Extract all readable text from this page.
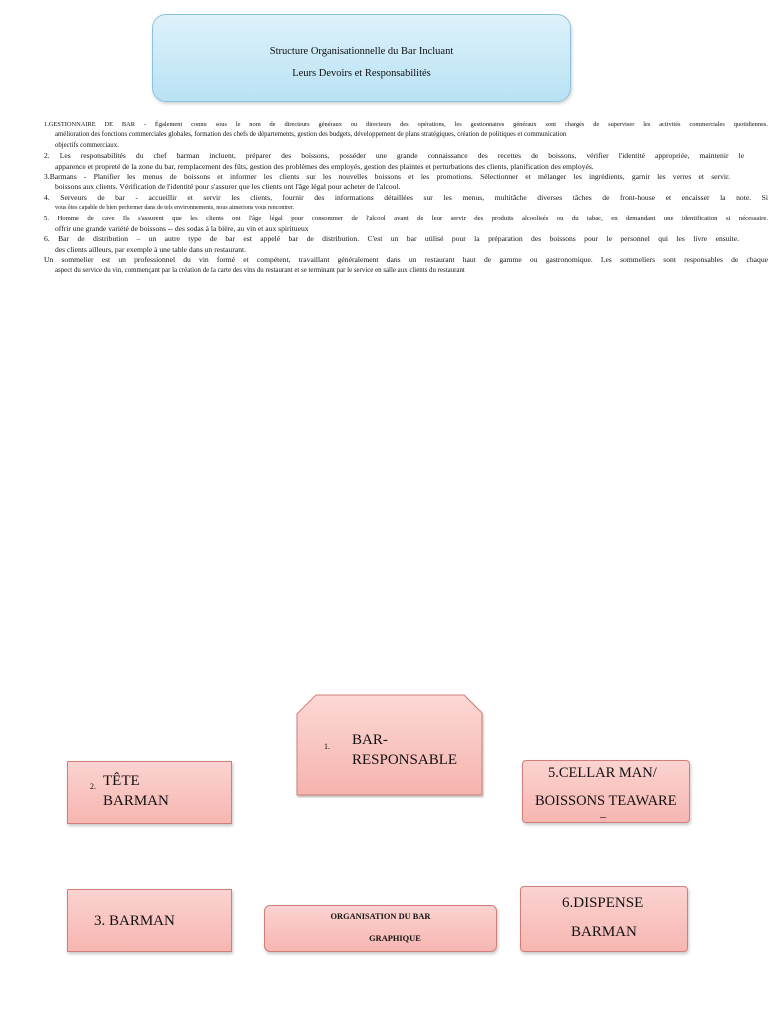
Structure Organisationnelle du Bar Incluant
Leurs Devoirs et Responsabilités
1.GESTIONNAIRE DE BAR - Également connu sous le nom de directeurs généraux ou directeurs des opérations, les gestionnaires généraux sont chargés de superviser les activités commerciales quotidiennes.
amélioration des fonctions commerciales globales, formation des chefs de départements, gestion des budgets, développement de plans stratégiques, création de politiques et communication
objectifs commerciaux.
2. Les responsabilités du chef barman incluent, préparer des boissons, posséder une grande connaissance des recettes de boissons, vérifier l'identité appropriée, maintenir le
apparence et propreté de la zone du bar, remplacement des fûts, gestion des problèmes des employés, gestion des plaintes et perturbations des clients, planification des employés.
3.Barmans - Planifier les menus de boissons et informer les clients sur les nouvelles boissons et les promotions. Sélectionner et mélanger les ingrédients, garnir les verres et servir.
boissons aux clients. Vérification de l'identité pour s'assurer que les clients ont l'âge légal pour acheter de l'alcool.
4. Serveurs de bar - accueillir et servir les clients, fournir des informations détaillées sur les menus, multitâche diverses tâches de front-house et encaisser la note. Si
vous êtes capable de bien performer dans de tels environnements, nous aimerions vous rencontrer.
5. Homme de cave Ils s'assurent que les clients ont l'âge légal pour consommer de l'alcool avant de leur servir des produits alcoolisés ou du tabac, en demandant une identification si nécessaire.
offrir une grande variété de boissons -- des sodas à la bière, au vin et aux spiritueux
6. Bar de distribution – un autre type de bar est appelé bar de distribution. C'est un bar utilisé pour la préparation des boissons pour le personnel qui les livre ensuite.
des clients ailleurs, par exemple à une table dans un restaurant.
Un sommelier est un professionnel du vin formé et compétent, travaillant généralement dans un restaurant haut de gamme ou gastronomique. Les sommeliers sont responsables de chaque
aspect du service du vin, commençant par la création de la carte des vins du restaurant et se terminant par le service en salle aux clients du restaurant
1. BAR-
RESPONSABLE
2. TÊTE
BARMAN
5.CELLAR MAN/
BOISSONS TEAWARE
–
3. BARMAN	ORGANISATION DU BAR
GRAPHIQUE
6.DISPENSE
BARMAN
